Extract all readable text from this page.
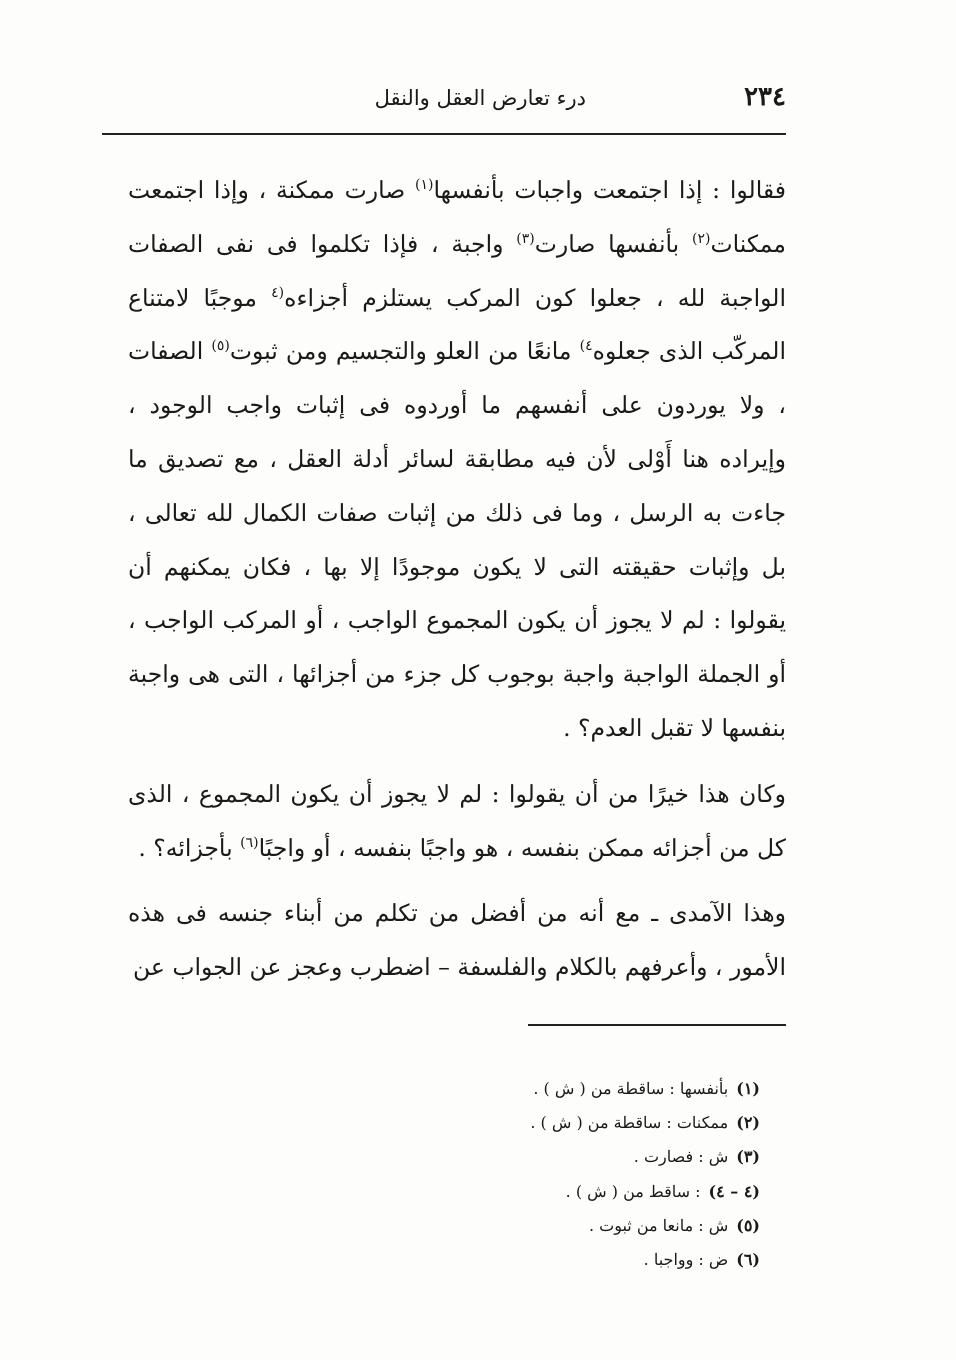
٢٣٤
درء تعارض العقل والنقل

فقالوا : إذا اجتمعت واجبات بأنفسها$^{(١)}$ صارت ممكنة ، وإذا اجتمعت ممكنات$^{(٢)}$ بأنفسها صارت$^{(٣)}$ واجبة ، فإذا تكلموا فى نفى الصفات الواجبة لله ، جعلوا كون المركب يستلزم أجزاءه$^{(٤}$ موجبًا لامتناع المركّب الذى جعلوه$^{٤)}$ مانعًا من العلو والتجسيم ومن ثبوت$^{(٥)}$ الصفات ، ولا يوردون على أنفسهم ما أوردوه فى إثبات واجب الوجود ، وإيراده هنا أَوْلى لأن فيه مطابقة لسائر أدلة العقل ، مع تصديق ما جاءت به الرسل ، وما فى ذلك من إثبات صفات الكمال لله تعالى ، بل وإثبات حقيقته التى لا يكون موجودًا إلا بها ، فكان يمكنهم أن يقولوا : لم لا يجوز أن يكون المجموع الواجب ، أو المركب الواجب ، أو الجملة الواجبة واجبة بوجوب كل جزء من أجزائها ، التى هى واجبة بنفسها لا تقبل العدم؟ .

وكان هذا خيرًا من أن يقولوا : لم لا يجوز أن يكون المجموع ، الذى كل من أجزائه ممكن بنفسه ، هو واجبًا بنفسه ، أو واجبًا$^{(٦)}$ بأجزائه؟ .

وهذا الآمدى ـ مع أنه من أفضل من تكلم من أبناء جنسه فى هذه الأمور ، وأعرفهم بالكلام والفلسفة – اضطرب وعجز عن الجواب عن

(١)بأنفسها : ساقطة من ( ش ) .
(٢)ممكنات : ساقطة من ( ش ) .
(٣)ش : فصارت .
(٤ – ٤): ساقط من ( ش ) .
(٥)ش : مانعا من ثبوت .
(٦)ض : وواجبا .
